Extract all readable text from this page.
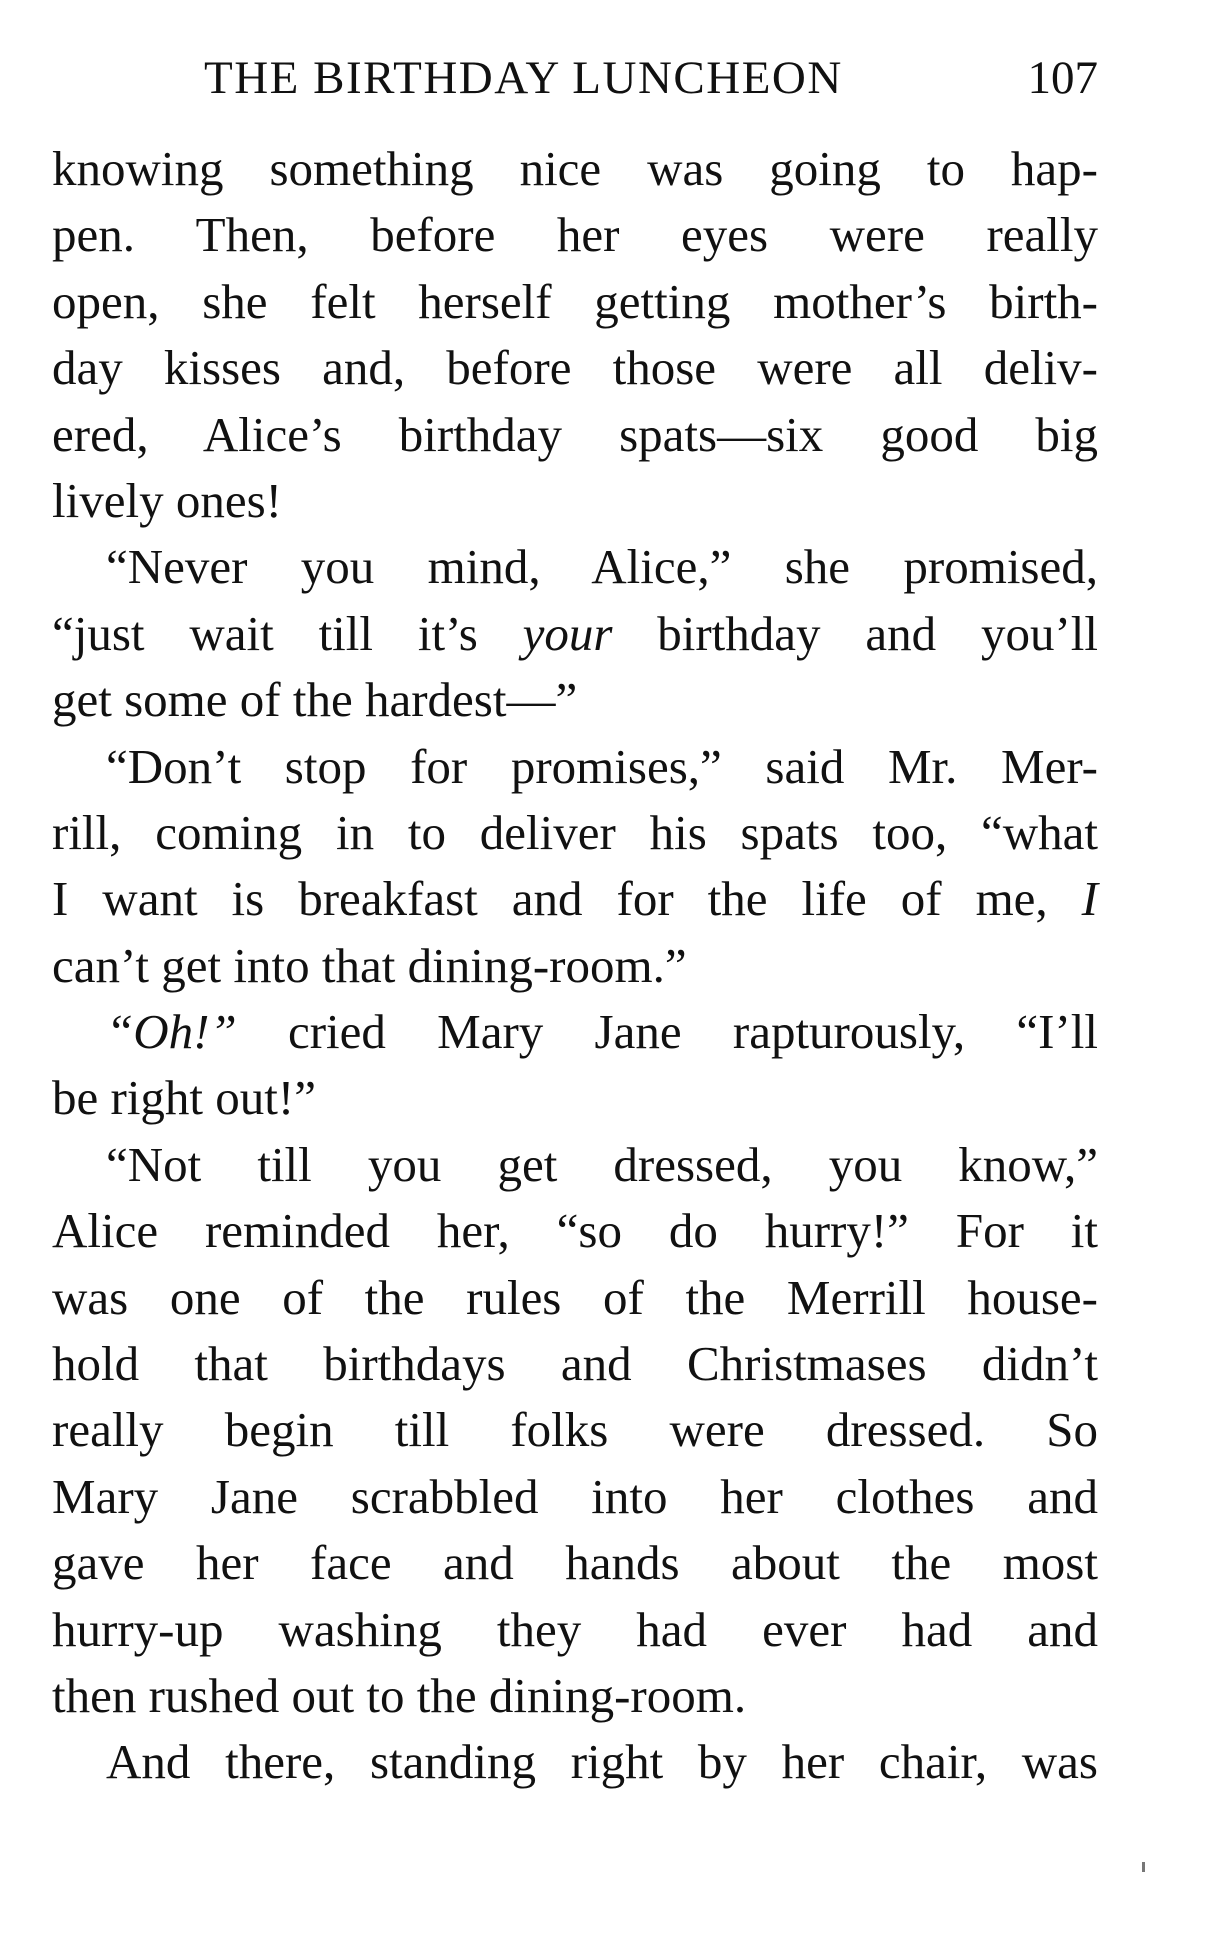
THE BIRTHDAY LUNCHEON	107
knowing something nice was going to hap-
pen. Then, before her eyes were really
open, she felt herself getting mother’s birth-
day kisses and, before those were all deliv-
ered, Alice’s birthday spats—six good big
lively ones!
“Never you mind, Alice,” she promised,
“just wait till it’s your birthday and you’ll
get some of the hardest—”
“Don’t stop for promises,” said Mr. Mer-
rill, coming in to deliver his spats too, “what
I want is breakfast and for the life of me, I
can’t get into that dining-room.”
“Oh!” cried Mary Jane rapturously, “I’ll
be right out!”
“Not till you get dressed, you know,”
Alice reminded her, “so do hurry!” For it
was one of the rules of the Merrill house-
hold that birthdays and Christmases didn’t
really begin till folks were dressed. So
Mary Jane scrabbled into her clothes and
gave her face and hands about the most
hurry-up washing they had ever had and
then rushed out to the dining-room.
And there, standing right by her chair, was
